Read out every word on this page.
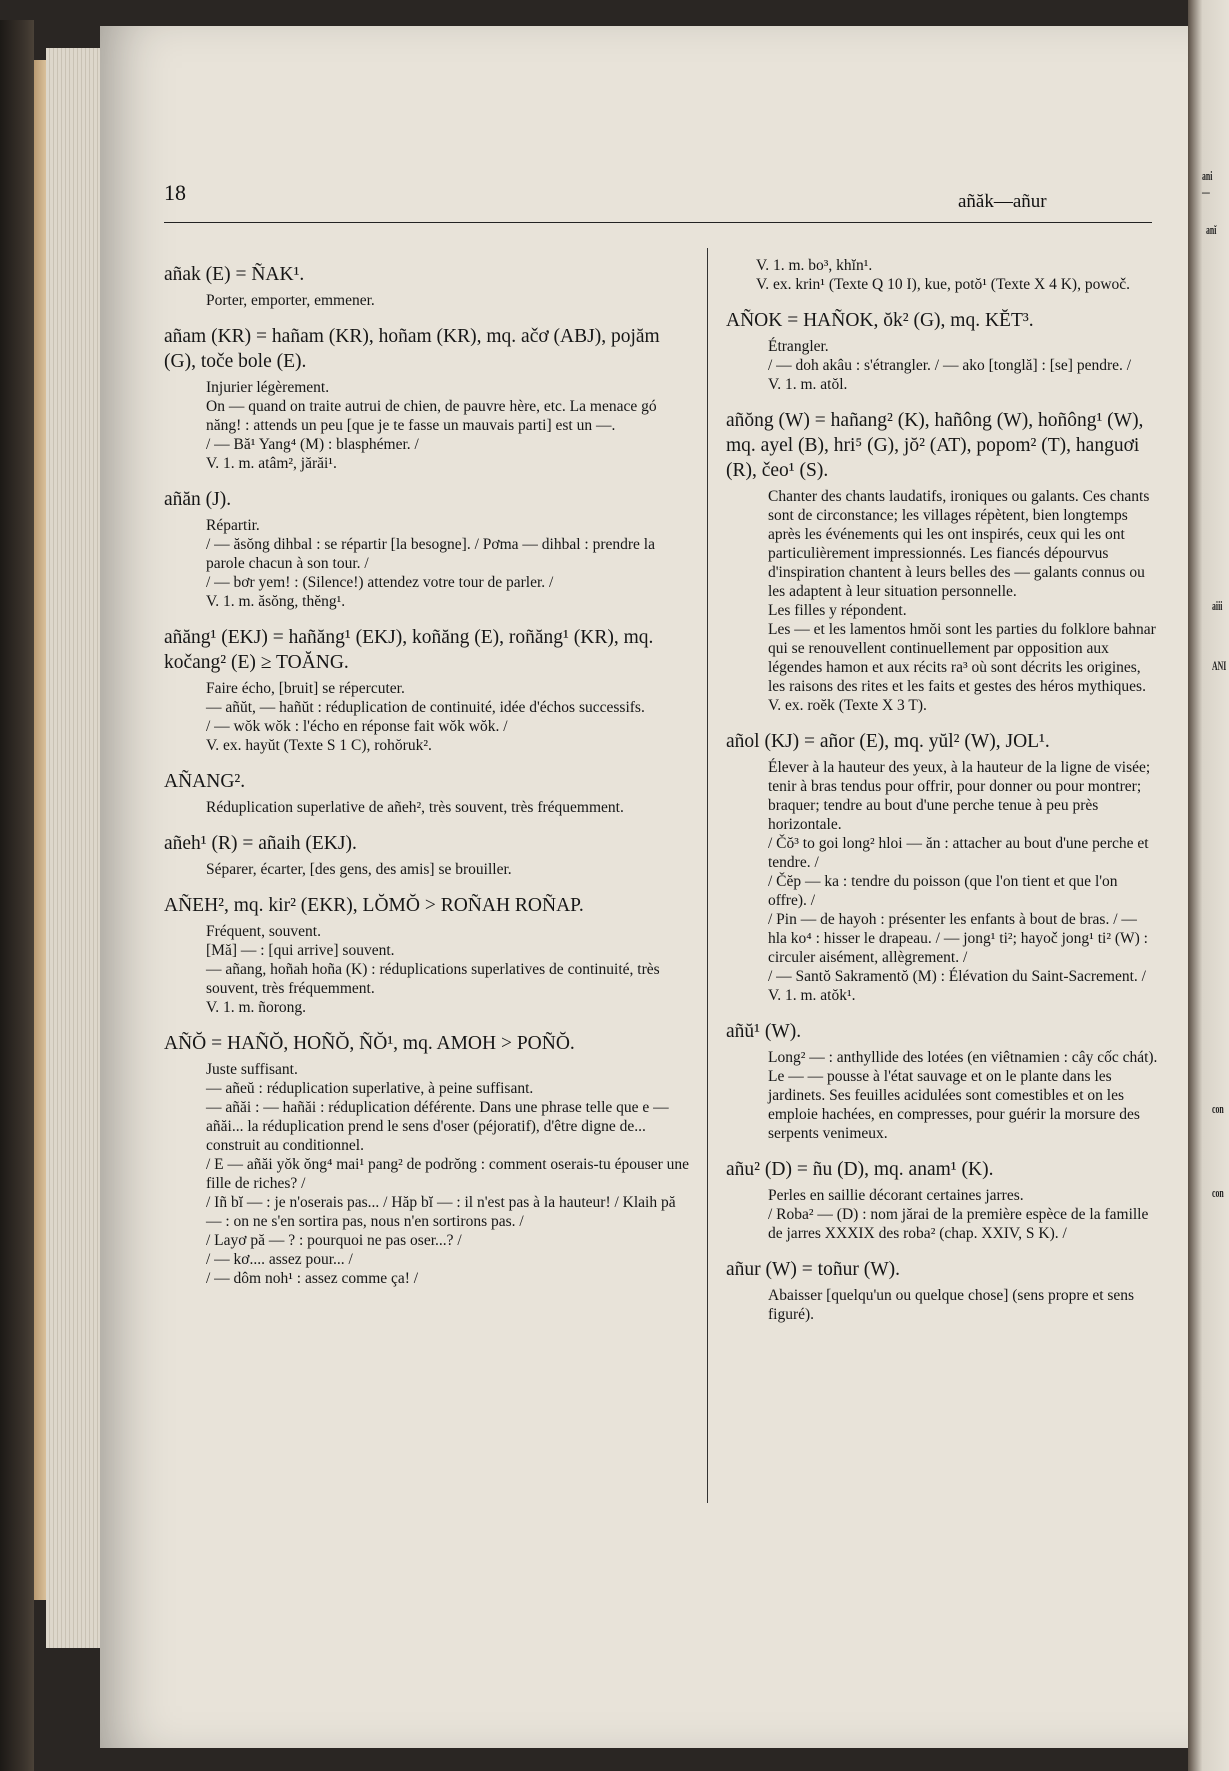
ani—
anĭ
aiii
ANI
con
con
18	añăk—añur
añak (E) = ÑAK¹.
Porter, emporter, emmener.
añam (KR) = hañam (KR), hoñam (KR), mq. ačơ (ABJ), pojăm (G), toče bole (E).
Injurier légèrement.
On — quand on traite autrui de chien, de pauvre hère, etc. La menace gó năng! : attends un peu [que je te fasse un mauvais parti] est un —.
/ — Bă¹ Yang⁴ (M) : blasphémer. /
V. 1. m. atâm², jărăi¹.
añăn (J).
Répartir.
/ — ăsŏng dihbal : se répartir [la besogne]. / Pơma — dihbal : prendre la parole chacun à son tour. /
/ — bơr yem! : (Silence!) attendez votre tour de parler. /
V. 1. m. ăsŏng, thĕng¹.
añăng¹ (EKJ) = hañăng¹ (EKJ), koñăng (E), roñăng¹ (KR), mq. kočang² (E) ≥ TOĂNG.
Faire écho, [bruit] se répercuter.
— añŭt, — hañŭt : réduplication de continuité, idée d'échos successifs.
/ — wŏk wŏk : l'écho en réponse fait wŏk wŏk. /
V. ex. hayŭt (Texte S 1 C), rohŏruk².
AÑANG².
Réduplication superlative de añeh², très souvent, très fréquemment.
añeh¹ (R) = añaih (EKJ).
Séparer, écarter, [des gens, des amis] se brouiller.
AÑEH², mq. kir² (EKR), LŎMŎ > ROÑAH ROÑAP.
Fréquent, souvent.
[Mă] — : [qui arrive] souvent.
— añang, hoñah hoña (K) : réduplications superlatives de continuité, très souvent, très fréquemment.
V. 1. m. ñorong.
AÑŎ = HAÑŎ, HOÑŎ, ÑŎ¹, mq. AMOH > POÑŎ.
Juste suffisant.
— añeŭ : réduplication superlative, à peine suffisant.
— añăi : — hañăi : réduplication déférente. Dans une phrase telle que e — añăi... la réduplication prend le sens d'oser (péjoratif), d'être digne de... construit au conditionnel.
/ E — añăi yŏk ŏng⁴ mai¹ pang² de podrŏng : comment oserais-tu épouser une fille de riches? /
/ Iñ bĭ — : je n'oserais pas... / Hăp bĭ — : il n'est pas à la hauteur! / Klaih pă — : on ne s'en sortira pas, nous n'en sortirons pas. /
/ Layơ pă — ? : pourquoi ne pas oser...? /
/ — kơ.... assez pour... /
/ — dôm noh¹ : assez comme ça! /
V. 1. m. bo³, khĭn¹.
V. ex. krin¹ (Texte Q 10 I), kue, potŏ¹ (Texte X 4 K), powoč.
AÑOK = HAÑOK, ŏk² (G), mq. KĔT³.
Étrangler.
/ — doh akâu : s'étrangler. / — ako [tonglă] : [se] pendre. /
V. 1. m. atŏl.
añŏng (W) = hañang² (K), hañông (W), hoñông¹ (W), mq. ayel (B), hri⁵ (G), jŏ² (AT), popom² (T), hanguơi (R), čeo¹ (S).
Chanter des chants laudatifs, ironiques ou galants. Ces chants sont de circonstance; les villages répètent, bien longtemps après les événements qui les ont inspirés, ceux qui les ont particulièrement impressionnés. Les fiancés dépourvus d'inspiration chantent à leurs belles des — galants connus ou les adaptent à leur situation personnelle.
Les filles y répondent.
Les — et les lamentos hmŏi sont les parties du folklore bahnar qui se renouvellent continuellement par opposition aux légendes hamon et aux récits ra³ où sont décrits les origines, les raisons des rites et les faits et gestes des héros mythiques.
V. ex. roĕk (Texte X 3 T).
añol (KJ) = añor (E), mq. yŭl² (W), JOL¹.
Élever à la hauteur des yeux, à la hauteur de la ligne de visée; tenir à bras tendus pour offrir, pour donner ou pour montrer; braquer; tendre au bout d'une perche tenue à peu près horizontale.
/ Čŏ³ to goi long² hloi — ăn : attacher au bout d'une perche et tendre. /
/ Čĕp — ka : tendre du poisson (que l'on tient et que l'on offre). /
/ Pin — de hayoh : présenter les enfants à bout de bras. / — hla ko⁴ : hisser le drapeau. / — jong¹ ti²; hayoč jong¹ ti² (W) : circuler aisément, allègrement. /
/ — Santŏ Sakramentŏ (M) : Élévation du Saint-Sacrement. /
V. 1. m. atŏk¹.
añŭ¹ (W).
Long² — : anthyllide des lotées (en viêtnamien : cây cốc chát).
Le — — pousse à l'état sauvage et on le plante dans les jardinets. Ses feuilles acidulées sont comestibles et on les emploie hachées, en compresses, pour guérir la morsure des serpents venimeux.
añu² (D) = ñu (D), mq. anam¹ (K).
Perles en saillie décorant certaines jarres.
/ Roba² — (D) : nom jărai de la première espèce de la famille de jarres XXXIX des roba² (chap. XXIV, S K). /
añur (W) = toñur (W).
Abaisser [quelqu'un ou quelque chose] (sens propre et sens figuré).
